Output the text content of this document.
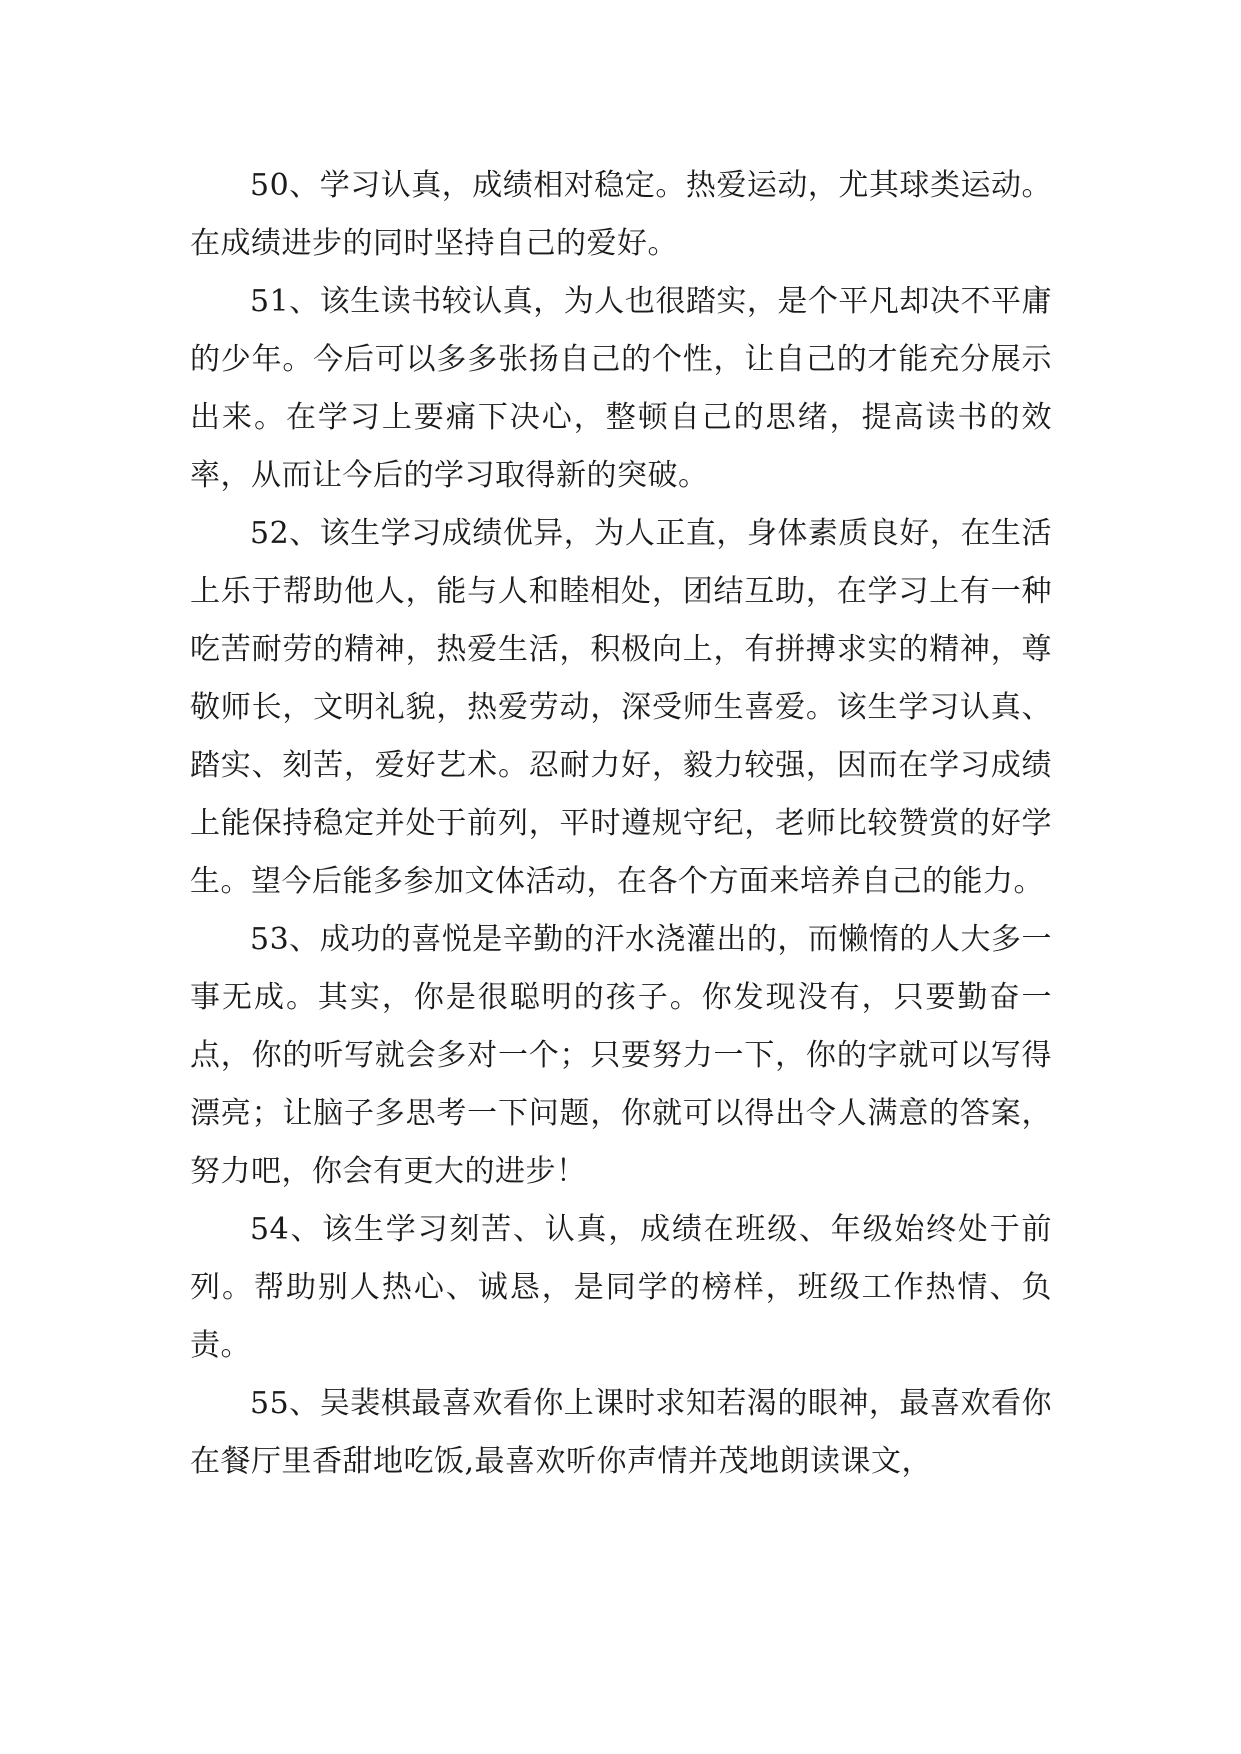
50、学习认真，成绩相对稳定。热爱运动，尤其球类运动。在成绩进步的同时坚持自己的爱好。

51、该生读书较认真，为人也很踏实，是个平凡却决不平庸的少年。今后可以多多张扬自己的个性，让自己的才能充分展示出来。在学习上要痛下决心，整顿自己的思绪，提高读书的效率，从而让今后的学习取得新的突破。

52、该生学习成绩优异，为人正直，身体素质良好，在生活上乐于帮助他人，能与人和睦相处，团结互助，在学习上有一种吃苦耐劳的精神，热爱生活，积极向上，有拼搏求实的精神，尊敬师长，文明礼貌，热爱劳动，深受师生喜爱。该生学习认真、踏实、刻苦，爱好艺术。忍耐力好，毅力较强，因而在学习成绩上能保持稳定并处于前列，平时遵规守纪，老师比较赞赏的好学生。望今后能多参加文体活动，在各个方面来培养自己的能力。

53、成功的喜悦是辛勤的汗水浇灌出的，而懒惰的人大多一事无成。其实，你是很聪明的孩子。你发现没有，只要勤奋一点，你的听写就会多对一个；只要努力一下，你的字就可以写得漂亮；让脑子多思考一下问题，你就可以得出令人满意的答案，努力吧，你会有更大的进步！

54、该生学习刻苦、认真，成绩在班级、年级始终处于前列。帮助别人热心、诚恳，是同学的榜样，班级工作热情、负责。

55、吴裴棋最喜欢看你上课时求知若渴的眼神，最喜欢看你在餐厅里香甜地吃饭,最喜欢听你声情并茂地朗读课文，
